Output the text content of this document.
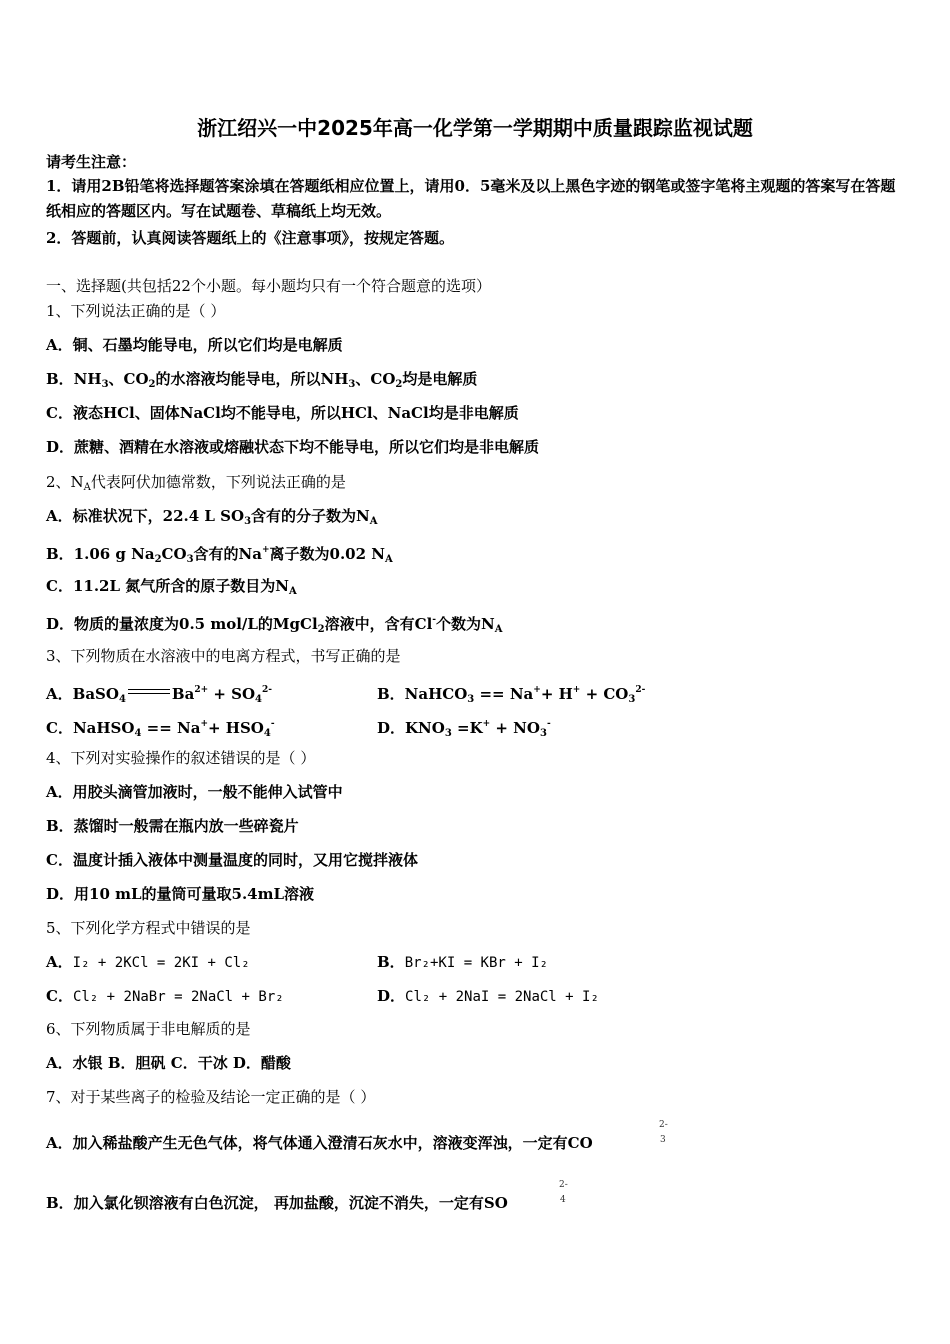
浙江绍兴一中2025年高一化学第一学期期中质量跟踪监视试题
请考生注意：
1．请用2B铅笔将选择题答案涂填在答题纸相应位置上，请用0．5毫米及以上黑色字迹的钢笔或签字笔将主观题的答案写在答题纸相应的答题区内。写在试题卷、草稿纸上均无效。
2．答题前，认真阅读答题纸上的《注意事项》，按规定答题。
一、选择题(共包括22个小题。每小题均只有一个符合题意的选项）
1、下列说法正确的是（ ）
A．铜、石墨均能导电，所以它们均是电解质
B．$NH_3$、$CO_2$的水溶液均能导电，所以$NH_3$、$CO_2$均是电解质
C．液态HCl、固体NaCl均不能导电，所以HCl、NaCl均是非电解质
D．蔗糖、酒精在水溶液或熔融状态下均不能导电，所以它们均是非电解质
2、$N_A$代表阿伏加德常数，下列说法正确的是
A．标准状况下，22.4 L $SO_3$含有的分子数为$N_A$
B．1.06 g $Na_2CO_3$含有的Na+离子数为0.02 $N_A$
C．11.2L 氮气所含的原子数目为$N_A$
D．物质的量浓度为0.5 mol/L的MgCl$_2$溶液中，含有Cl-个数为$N_A$
3、下列物质在水溶液中的电离方程式，书写正确的是
A．BaSO$_4$	$Ba^{2+} + SO_4^{2-}$	B．NaHCO$_3$ == $Na^++ H^+ + CO_3^{2-}$
C．NaHSO$_4$ == $Na^++ HSO_4^-$	D．$KNO_3 =K^+ + NO_3^-$
4、下列对实验操作的叙述错误的是（ ）
A．用胶头滴管加液时，一般不能伸入试管中
B．蒸馏时一般需在瓶内放一些碎瓷片
C．温度计插入液体中测量温度的同时，又用它搅拌液体
D．用10 mL的量筒可量取5.4mL溶液
5、下列化学方程式中错误的是
A．I₂ + 2KCl = 2KI + Cl₂	B．Br₂+KI = KBr + I₂
C．Cl₂ + 2NaBr = 2NaCl + Br₂	D．Cl₂ + 2NaI = 2NaCl + I₂
6、下列物质属于非电解质的是
A．水银 B．胆矾 C．干冰 D．醋酸
7、对于某些离子的检验及结论一定正确的是（ ）
A．加入稀盐酸产生无色气体，将气体通入澄清石灰水中，溶液变浑浊，一定有CO
2-
3
B．加入氯化钡溶液有白色沉淀， 再加盐酸，沉淀不消失，一定有SO
2-
4
